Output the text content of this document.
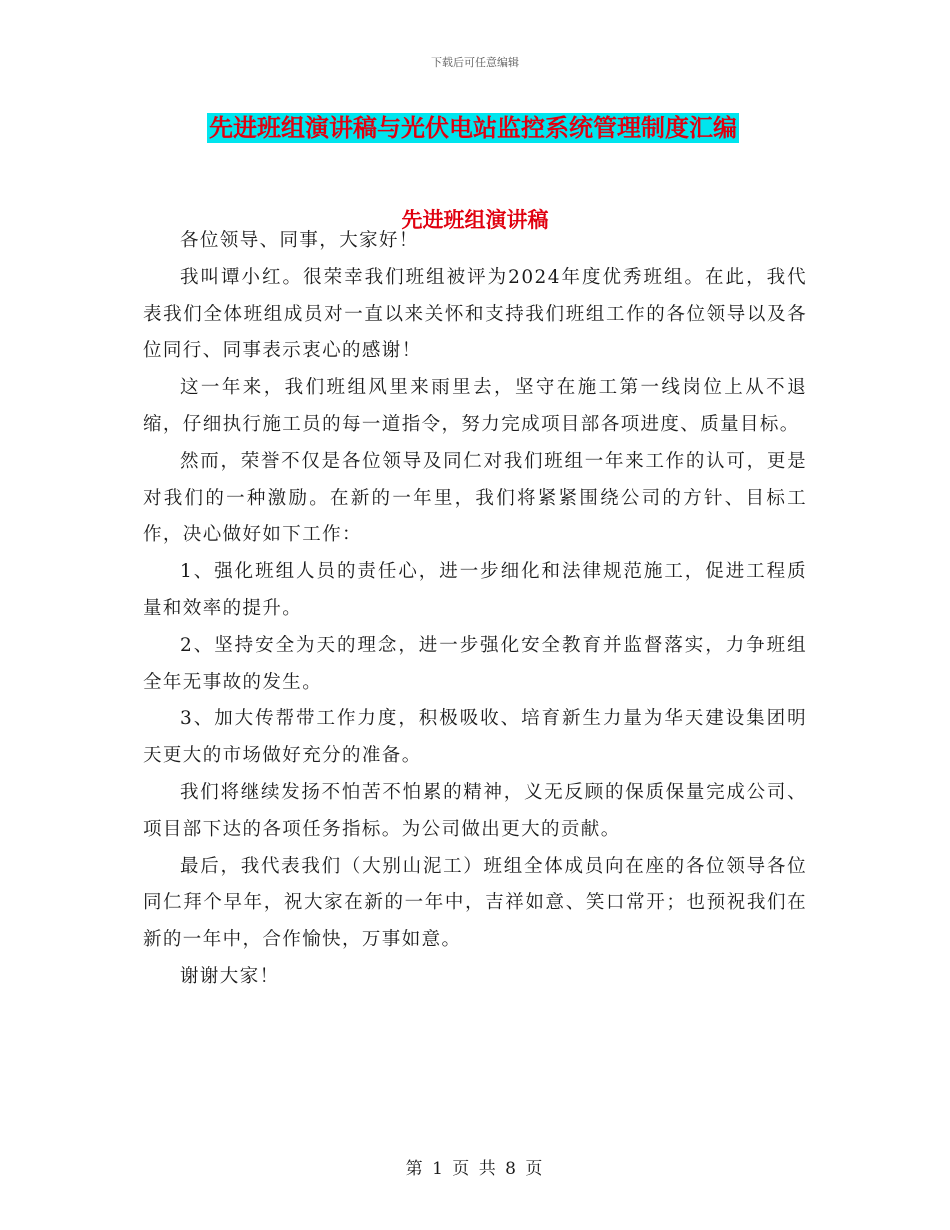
下载后可任意编辑
先进班组演讲稿与光伏电站监控系统管理制度汇编
先进班组演讲稿

各位领导、同事，大家好！

我叫谭小红。很荣幸我们班组被评为2024年度优秀班组。在此，我代表我们全体班组成员对一直以来关怀和支持我们班组工作的各位领导以及各位同行、同事表示衷心的感谢！

这一年来，我们班组风里来雨里去，坚守在施工第一线岗位上从不退缩，仔细执行施工员的每一道指令，努力完成项目部各项进度、质量目标。

然而，荣誉不仅是各位领导及同仁对我们班组一年来工作的认可，更是对我们的一种激励。在新的一年里，我们将紧紧围绕公司的方针、目标工作，决心做好如下工作：

1、强化班组人员的责任心，进一步细化和法律规范施工，促进工程质量和效率的提升。

2、坚持安全为天的理念，进一步强化安全教育并监督落实，力争班组全年无事故的发生。

3、加大传帮带工作力度，积极吸收、培育新生力量为华天建设集团明天更大的市场做好充分的准备。

我们将继续发扬不怕苦不怕累的精神，义无反顾的保质保量完成公司、项目部下达的各项任务指标。为公司做出更大的贡献。

最后，我代表我们（大别山泥工）班组全体成员向在座的各位领导各位同仁拜个早年，祝大家在新的一年中，吉祥如意、笑口常开；也预祝我们在新的一年中，合作愉快，万事如意。

谢谢大家！

第 1 页 共 8 页
